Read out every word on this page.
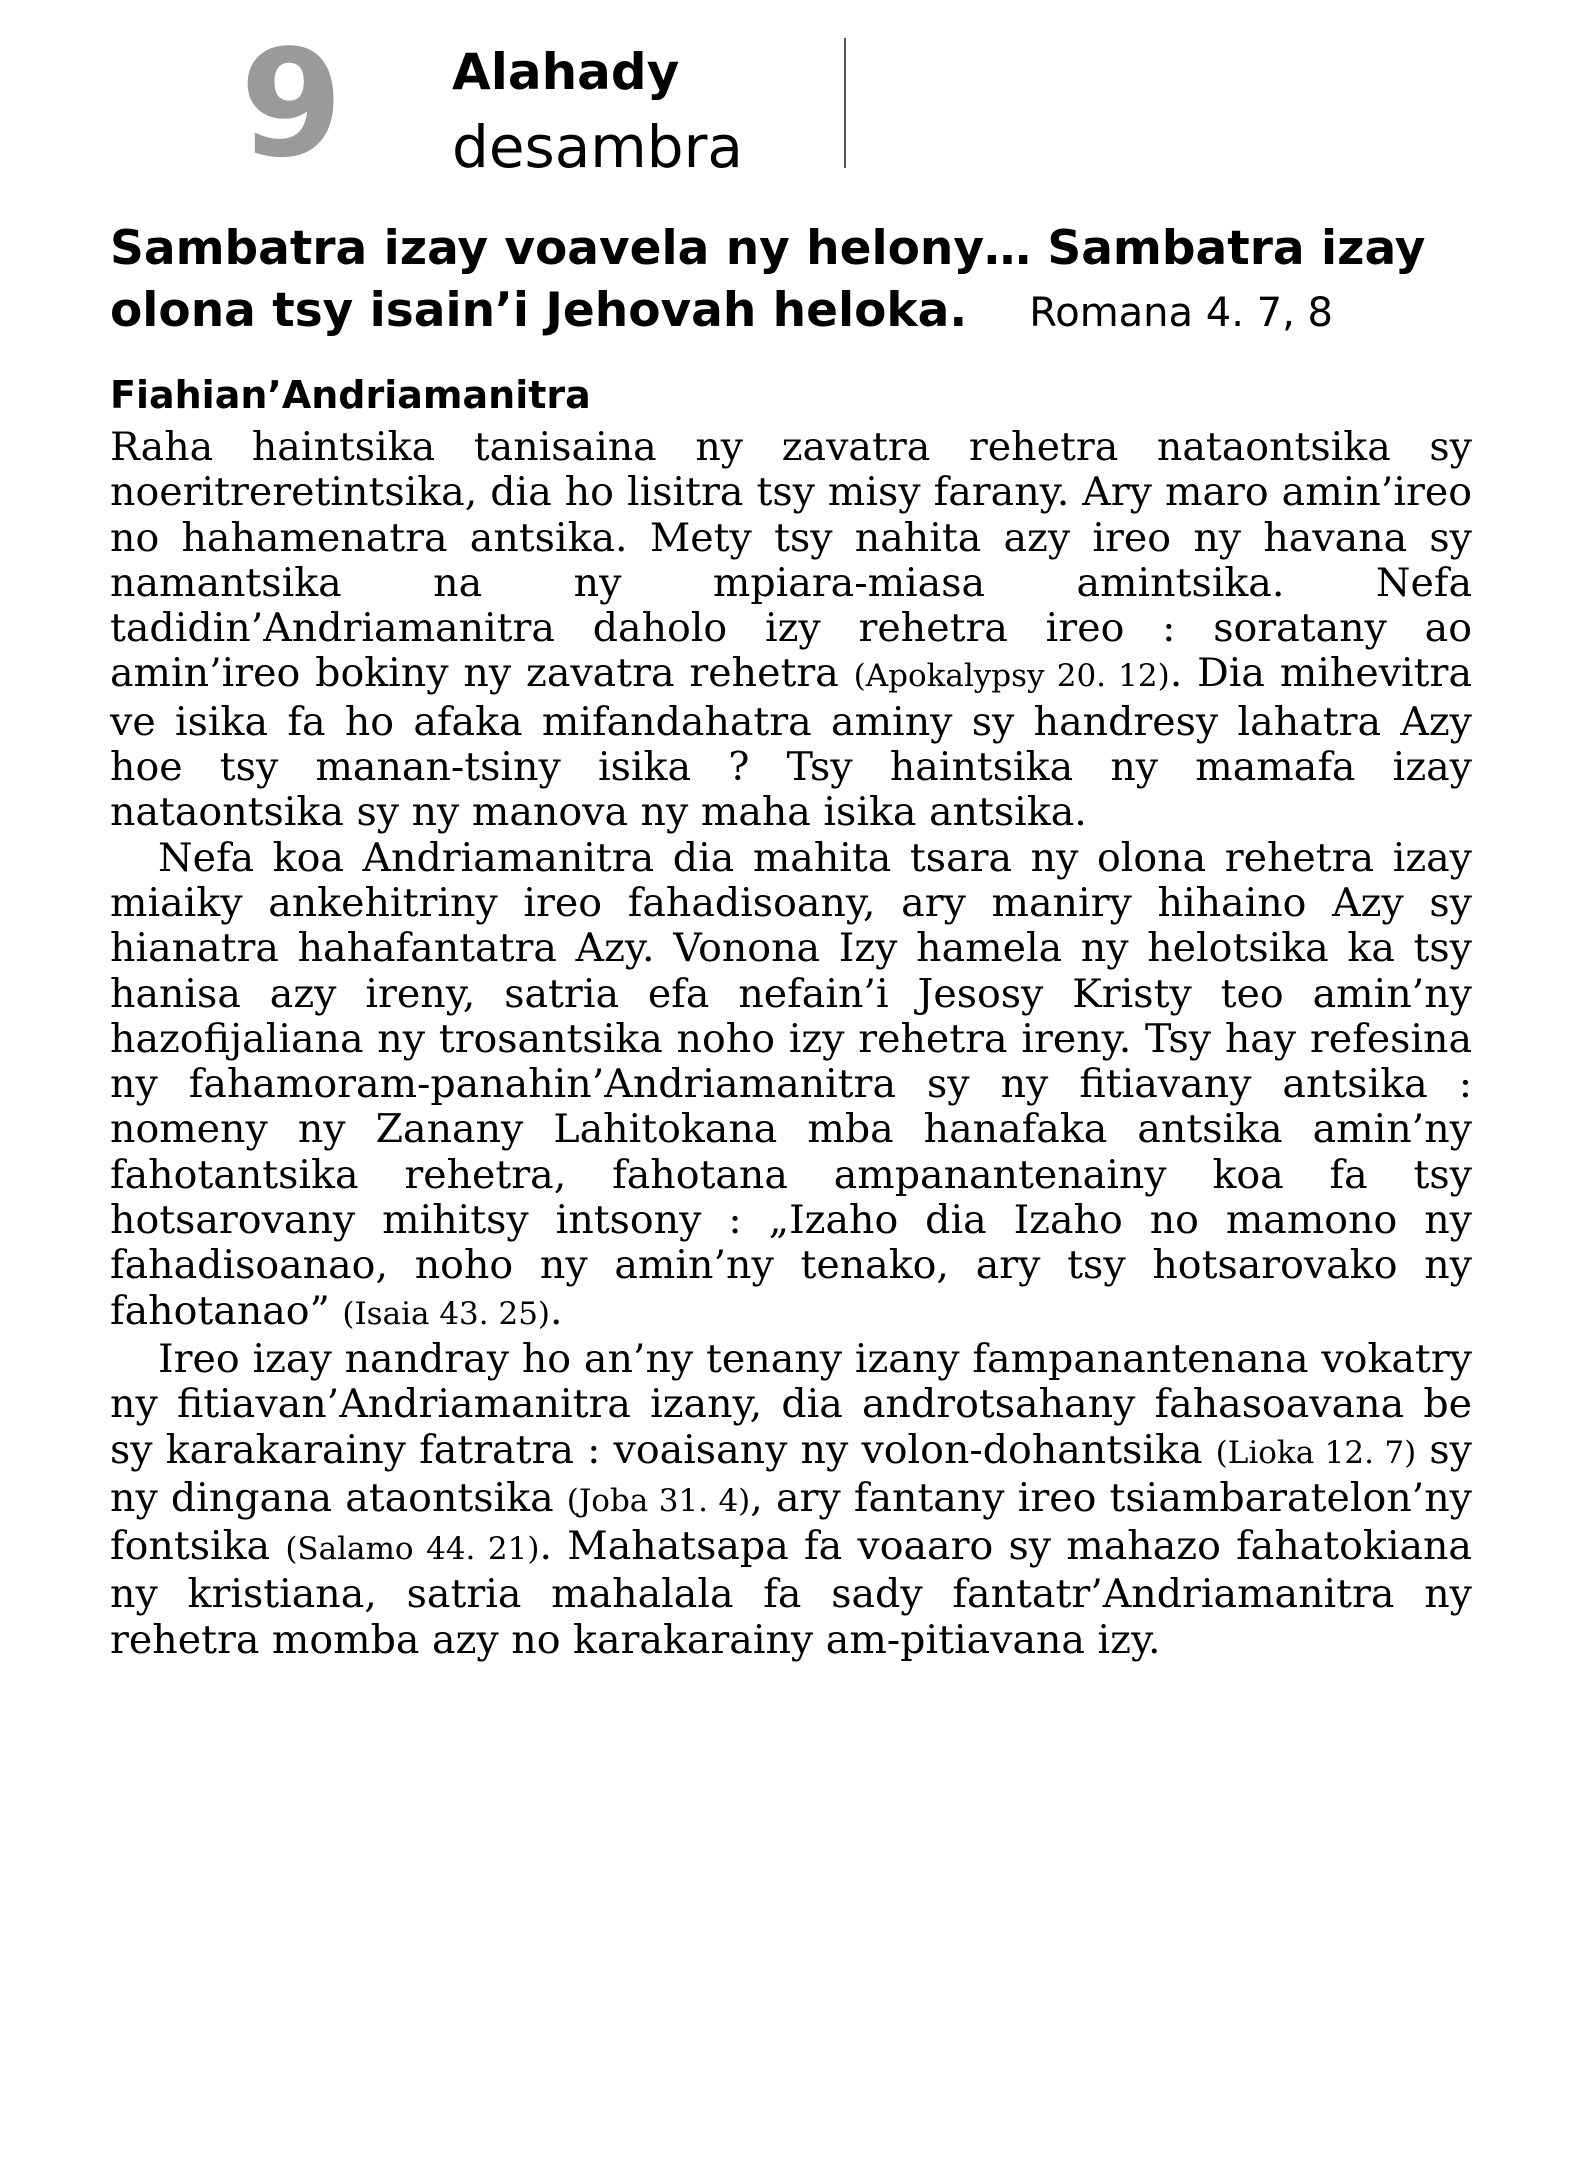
9 Alahady
desambra
Sambatra izay voavela ny helony… Sambatra izay olona tsy isain’i Jehovah heloka. Romana 4. 7, 8
Fiahian’Andriamanitra

Raha haintsika tanisaina ny zavatra rehetra nataontsika sy noeritreretintsika, dia ho lisitra tsy misy farany. Ary maro amin’ireo no hahamenatra antsika. Mety tsy nahita azy ireo ny havana sy namantsika na ny mpiara-miasa amintsika. Nefa tadidin’Andriamanitra daholo izy rehetra ireo : soratany ao amin’ireo bokiny ny zavatra rehetra (Apokalypsy 20. 12). Dia mihevitra ve isika fa ho afaka mifandahatra aminy sy handresy lahatra Azy hoe tsy manan-tsiny isika ? Tsy haintsika ny mamafa izay nataontsika sy ny manova ny maha isika antsika.

Nefa koa Andriamanitra dia mahita tsara ny olona rehetra izay miaiky ankehitriny ireo fahadisoany, ary maniry hihaino Azy sy hianatra hahafantatra Azy. Vonona Izy hamela ny helotsika ka tsy hanisa azy ireny, satria efa nefain’i Jesosy Kristy teo amin’ny hazofijaliana ny trosantsika noho izy rehetra ireny. Tsy hay refesina ny fahamoram-panahin’Andriamanitra sy ny fitiavany antsika : nomeny ny Zanany Lahitokana mba hanafaka antsika amin’ny fahotantsika rehetra, fahotana ampanantenainy koa fa tsy hotsarovany mihitsy intsony : „Izaho dia Izaho no mamono ny fahadisoanao, noho ny amin’ny tenako, ary tsy hotsarovako ny fahotanao” (Isaia 43. 25).

Ireo izay nandray ho an’ny tenany izany fampanantenana vokatry ny fitiavan’Andriamanitra izany, dia androtsahany fahasoavana be sy karakarainy fatratra : voaisany ny volon-dohantsika (Lioka 12. 7) sy ny dingana ataontsika (Joba 31. 4), ary fantany ireo tsiambaratelon’ny fontsika (Salamo 44. 21). Mahatsapa fa voaaro sy mahazo fahatokiana ny kristiana, satria mahalala fa sady fantatr’Andriamanitra ny rehetra momba azy no karakarainy am-pitiavana izy.
